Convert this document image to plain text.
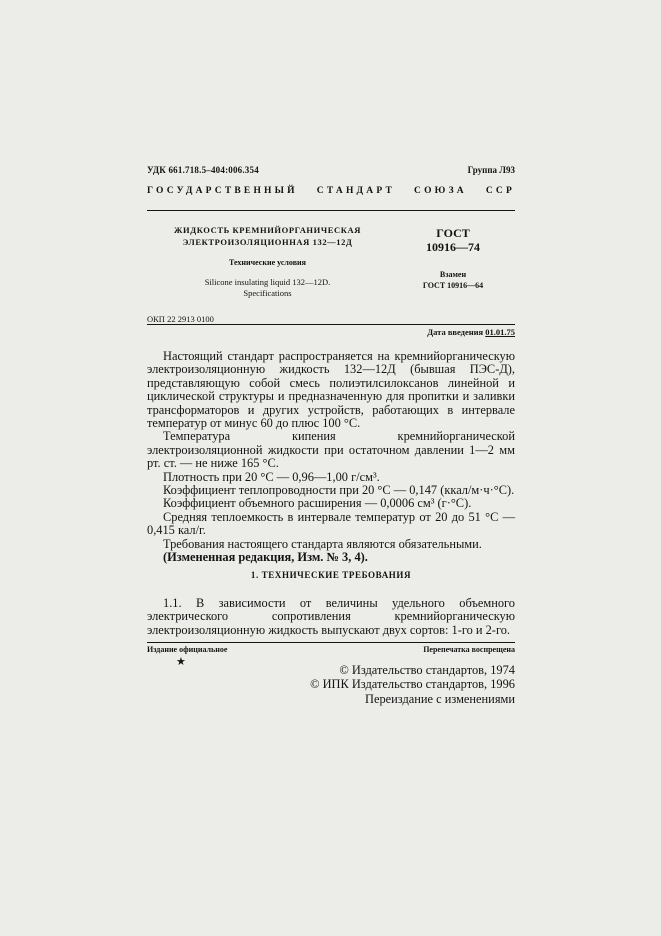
УДК 661.718.5–404:006.354	Группа Л93
ГОСУДАРСТВЕННЫЙ СТАНДАРТ СОЮЗА ССР
ЖИДКОСТЬ КРЕМНИЙОРГАНИЧЕСКАЯ
ЭЛЕКТРОИЗОЛЯЦИОННАЯ 132—12Д
Технические условия
Silicone insulating liquid 132—12D.
Specifications
ГОСТ
10916—74
Взамен
ГОСТ 10916—64
ОКП 22 2913 0100
Дата введения 01.01.75

Настоящий стандарт распространяется на кремнийорганическую электроизоляционную жидкость 132—12Д (бывшая ПЭС-Д), представляющую собой смесь полиэтилсилоксанов линейной и циклической структуры и предназначенную для пропитки и заливки трансформаторов и других устройств, работающих в интервале температур от минус 60 до плюс 100 °С.

Температура кипения кремнийорганической электроизоляционной жидкости при остаточном давлении 1—2 мм рт. ст. — не ниже 165 °С.

Плотность при 20 °С — 0,96—1,00 г/см³.

Коэффициент теплопроводности при 20 °С — 0,147 (ккал/м·ч·°С).

Коэффициент объемного расширения — 0,0006 см³ (г·°С).

Средняя теплоемкость в интервале температур от 20 до 51 °С — 0,415 кал/г.

Требования настоящего стандарта являются обязательными.

(Измененная редакция, Изм. № 3, 4).

1. ТЕХНИЧЕСКИЕ ТРЕБОВАНИЯ

1.1. В зависимости от величины удельного объемного электрического сопротивления кремнийорганическую электроизоляционную жидкость выпускают двух сортов: 1-го и 2-го.

Издание официальное	Перепечатка воспрещена
★
© Издательство стандартов, 1974
© ИПК Издательство стандартов, 1996
Переиздание с изменениями
